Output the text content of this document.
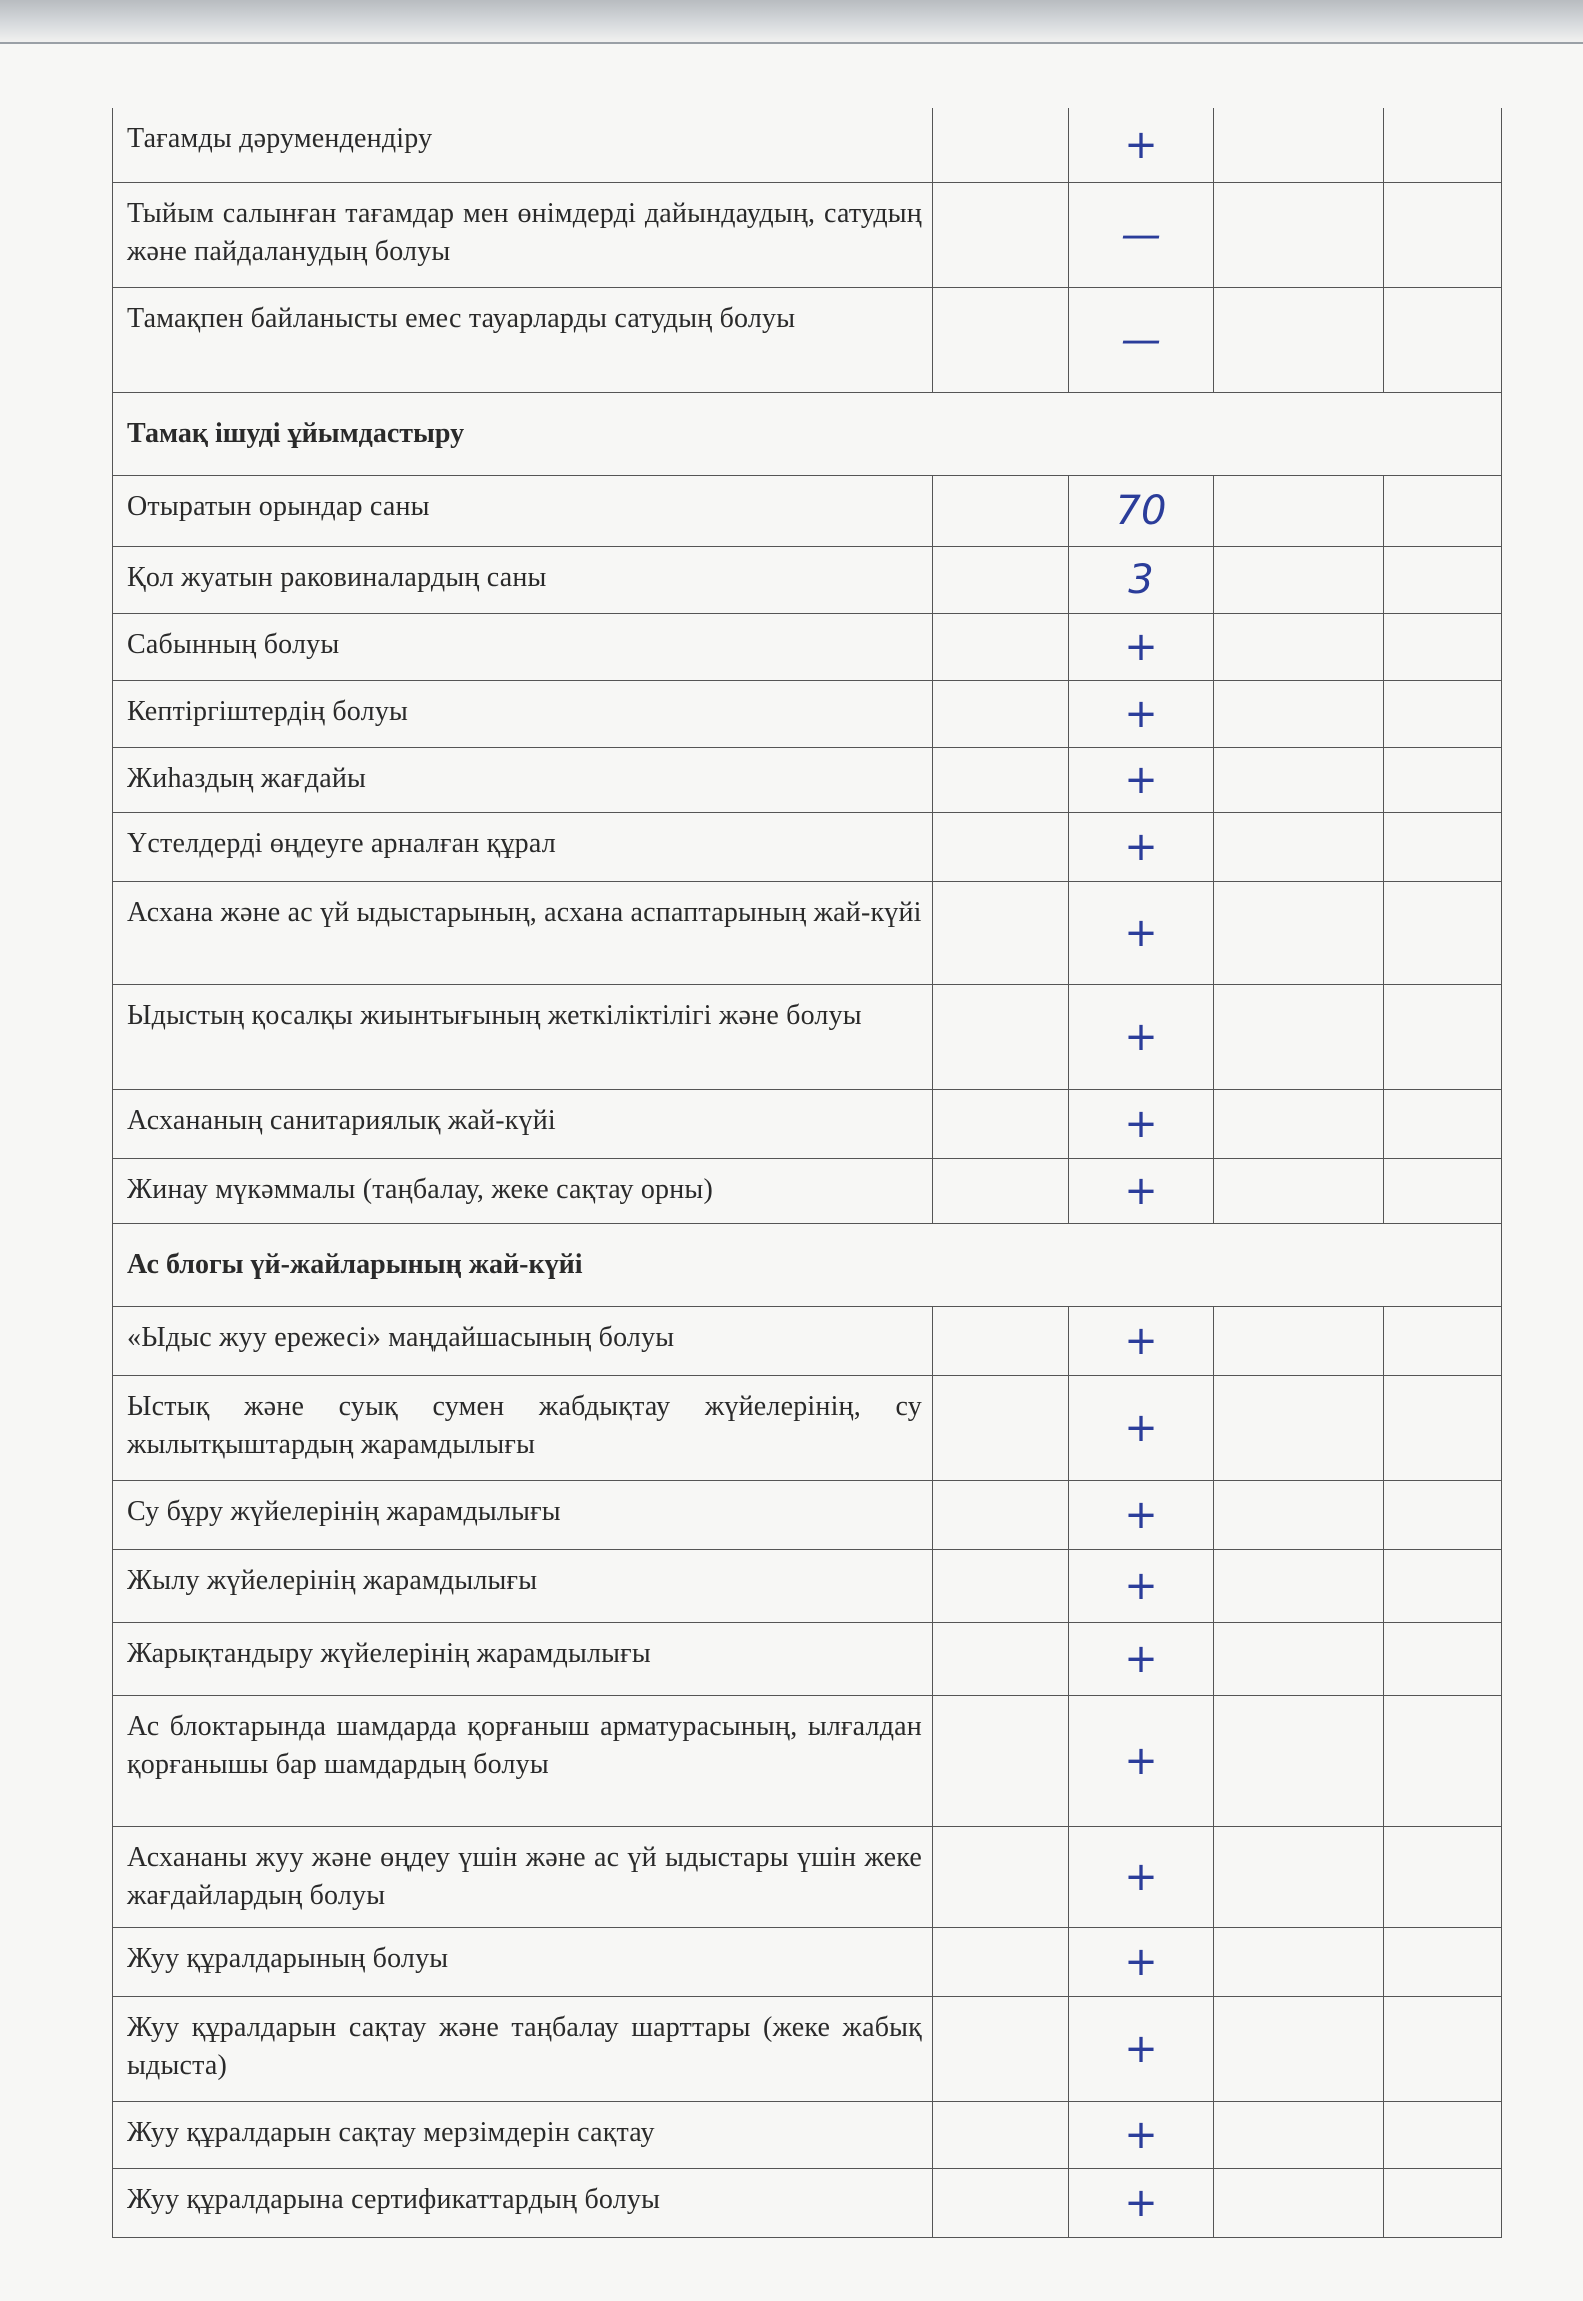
Тағамды дәрумендендіру	+
Тыйым салынған тағамдар мен өнімдерді дайындаудың, сатудың және пайдаланудың болуы	—
Тамақпен байланысты емес тауарларды сатудың болуы	—
Тамақ ішуді ұйымдастыру
Отыратын орындар саны	70
Қол жуатын раковиналардың саны	3
Сабынның болуы	+
Кептіргіштердің болуы	+
Жиһаздың жағдайы	+
Үстелдерді өңдеуге арналған құрал	+
Асхана және ас үй ыдыстарының, асхана аспаптарының жай-күйі	+
Ыдыстың қосалқы жиынтығының жеткіліктілігі және болуы	+
Асхананың санитариялық жай-күйі	+
Жинау мүкәммалы (таңбалау, жеке сақтау орны)	+
Ас блогы үй-жайларының жай-күйі
«Ыдыс жуу ережесі» маңдайшасының болуы	+
Ыстық және суық сумен жабдықтау жүйелерінің, су жылытқыштардың жарамдылығы	+
Су бұру жүйелерінің жарамдылығы	+
Жылу жүйелерінің жарамдылығы	+
Жарықтандыру жүйелерінің жарамдылығы	+
Ас блоктарында шамдарда қорғаныш арматурасының, ылғалдан қорғанышы бар шамдардың болуы	+
Асхананы жуу және өңдеу үшін және ас үй ыдыстары үшін жеке жағдайлардың болуы	+
Жуу құралдарының болуы	+
Жуу құралдарын сақтау және таңбалау шарттары (жеке жабық ыдыста)	+
Жуу құралдарын сақтау мерзімдерін сақтау	+
Жуу құралдарына сертификаттардың болуы	+
